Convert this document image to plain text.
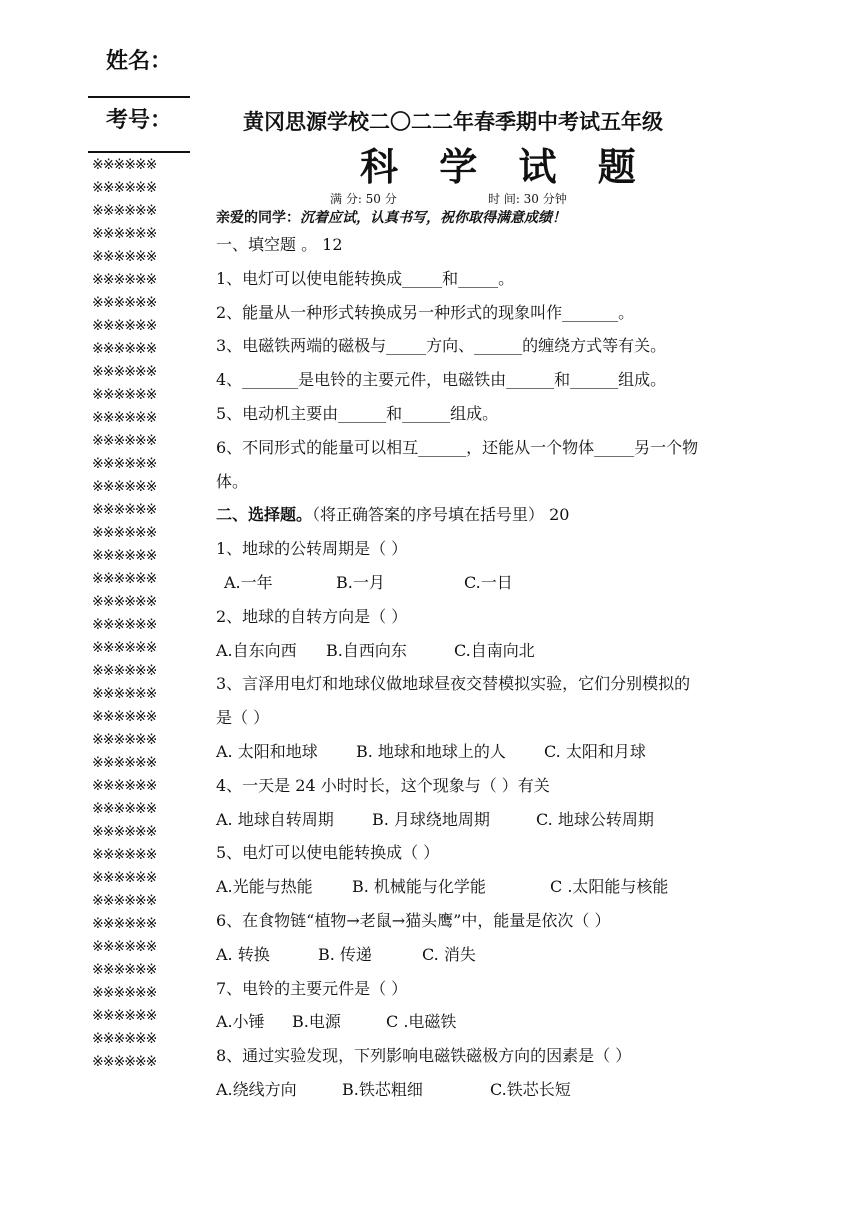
姓名：
考号：
※※※※※※
※※※※※※
※※※※※※
※※※※※※
※※※※※※
※※※※※※
※※※※※※
※※※※※※
※※※※※※
※※※※※※
※※※※※※
※※※※※※
※※※※※※
※※※※※※
※※※※※※
※※※※※※
※※※※※※
※※※※※※
※※※※※※
※※※※※※
※※※※※※
※※※※※※
※※※※※※
※※※※※※
※※※※※※
※※※※※※
※※※※※※
※※※※※※
※※※※※※
※※※※※※
※※※※※※
※※※※※※
※※※※※※
※※※※※※
※※※※※※
※※※※※※
※※※※※※
※※※※※※
※※※※※※
※※※※※※
黄冈思源学校二〇二二年春季期中考试五年级
科 学 试 题
满 分: 50 分	时 间: 30 分钟
亲爱的同学：沉着应试，认真书写，祝你取得满意成绩！
一、填空题 。 12
1、电灯可以使电能转换成_____和_____。
2、能量从一种形式转换成另一种形式的现象叫作_______。
3、电磁铁两端的磁极与_____方向、______的缠绕方式等有关。
4、_______是电铃的主要元件，电磁铁由______和______组成。
5、电动机主要由______和______组成。
6、不同形式的能量可以相互______，还能从一个物体_____另一个物
体。
二、选择题。（将正确答案的序号填在括号里） 20
1、地球的公转周期是（ ）
A.一年	B.一月	C.一日
2、地球的自转方向是（ ）
A.自东向西 B.自西向东	C.自南向北
3、言泽用电灯和地球仪做地球昼夜交替模拟实验，它们分别模拟的
是（ ）
A. 太阳和地球 B. 地球和地球上的人 C. 太阳和月球
4、一天是 24 小时时长，这个现象与（ ）有关
A. 地球自转周期 B. 月球绕地周期	C. 地球公转周期
5、电灯可以使电能转换成（ ）
A.光能与热能 B. 机械能与化学能	C .太阳能与核能
6、在食物链“植物→老鼠→猫头鹰”中，能量是依次（ ）
A. 转换	B. 传递	C. 消失
7、电铃的主要元件是（ ）
A.小锤 B.电源	C .电磁铁
8、通过实验发现，下列影响电磁铁磁极方向的因素是（ ）
A.绕线方向	B.铁芯粗细	C.铁芯长短
